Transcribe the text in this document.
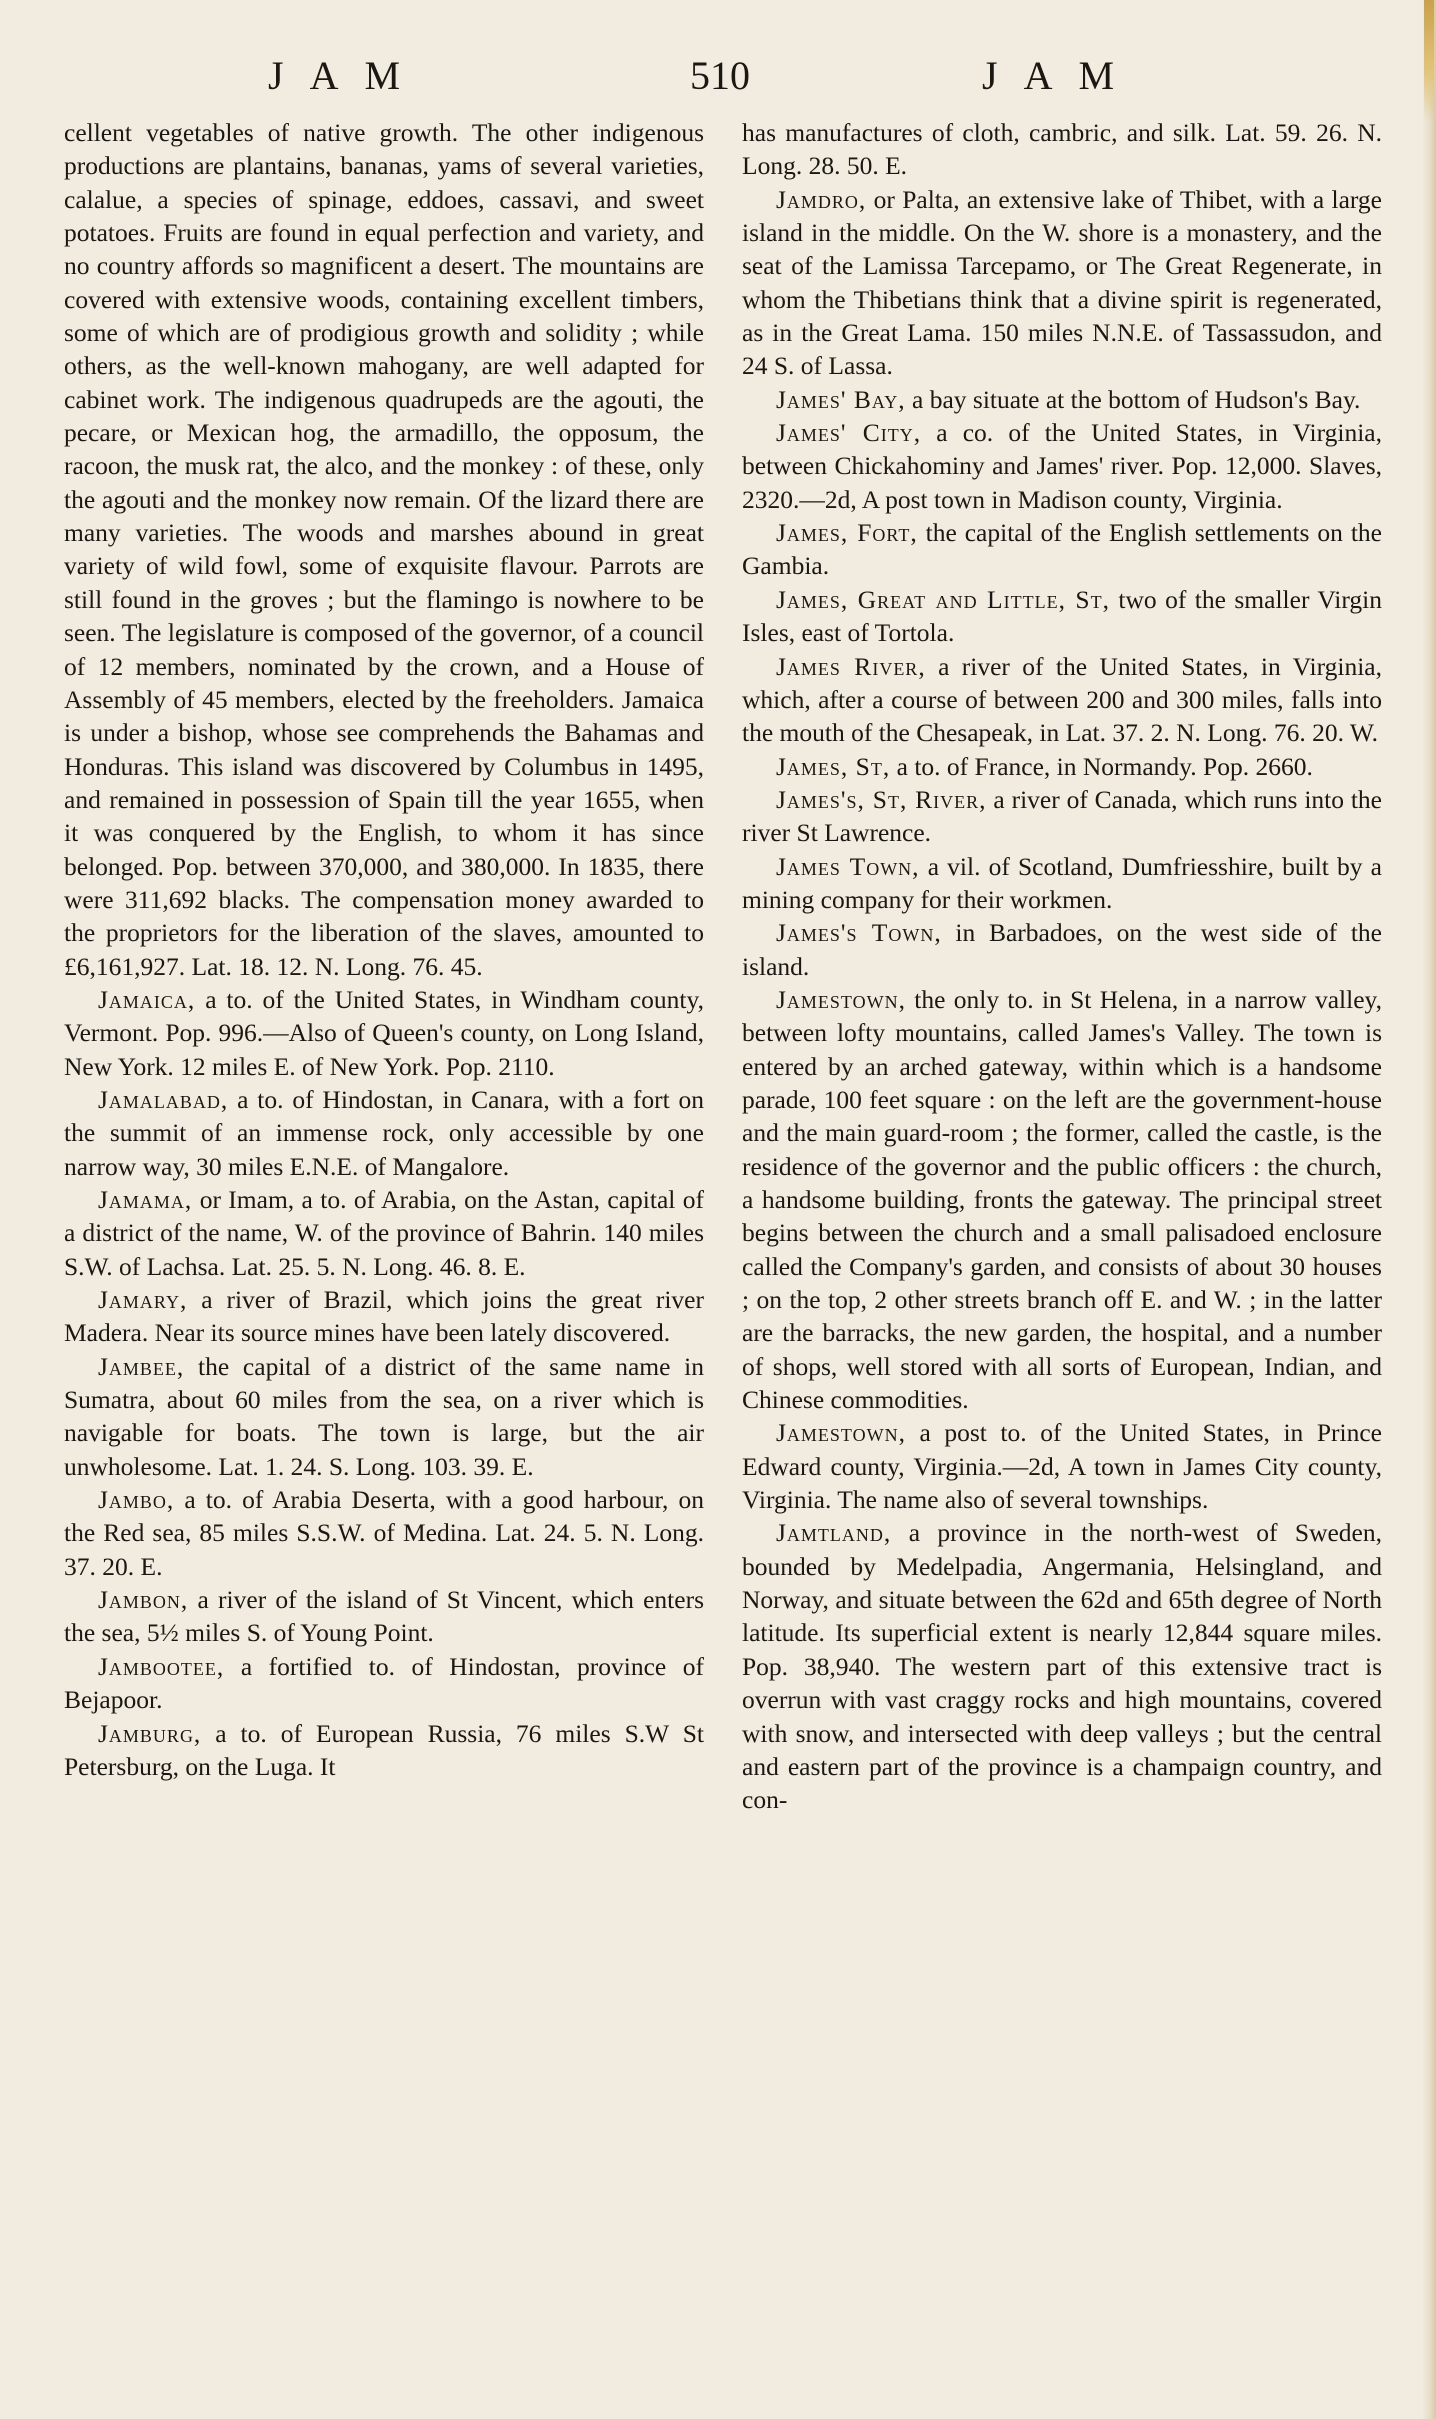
JAM	510	JAM

cellent vegetables of native growth. The other indigenous productions are plantains, bananas, yams of several varieties, calalue, a species of spinage, eddoes, cassavi, and sweet potatoes. Fruits are found in equal perfection and variety, and no country affords so magnificent a desert. The mountains are covered with extensive woods, containing excellent timbers, some of which are of prodigious growth and solidity ; while others, as the well-known mahogany, are well adapted for cabinet work. The indigenous quadrupeds are the agouti, the pecare, or Mexican hog, the armadillo, the opposum, the racoon, the musk rat, the alco, and the monkey : of these, only the agouti and the monkey now remain. Of the lizard there are many varieties. The woods and marshes abound in great variety of wild fowl, some of exquisite flavour. Parrots are still found in the groves ; but the flamingo is nowhere to be seen. The legislature is composed of the governor, of a council of 12 members, nominated by the crown, and a House of Assembly of 45 members, elected by the freeholders. Jamaica is under a bishop, whose see comprehends the Bahamas and Honduras. This island was discovered by Columbus in 1495, and remained in possession of Spain till the year 1655, when it was conquered by the English, to whom it has since belonged. Pop. between 370,000, and 380,000. In 1835, there were 311,692 blacks. The compensation money awarded to the proprietors for the liberation of the slaves, amounted to £6,161,927. Lat. 18. 12. N. Long. 76. 45.

Jamaica, a to. of the United States, in Windham county, Vermont. Pop. 996.—Also of Queen's county, on Long Island, New York. 12 miles E. of New York. Pop. 2110.

Jamalabad, a to. of Hindostan, in Canara, with a fort on the summit of an immense rock, only accessible by one narrow way, 30 miles E.N.E. of Mangalore.

Jamama, or Imam, a to. of Arabia, on the Astan, capital of a district of the name, W. of the province of Bahrin. 140 miles S.W. of Lachsa. Lat. 25. 5. N. Long. 46. 8. E.

Jamary, a river of Brazil, which joins the great river Madera. Near its source mines have been lately discovered.

Jambee, the capital of a district of the same name in Sumatra, about 60 miles from the sea, on a river which is navigable for boats. The town is large, but the air unwholesome. Lat. 1. 24. S. Long. 103. 39. E.

Jambo, a to. of Arabia Deserta, with a good harbour, on the Red sea, 85 miles S.S.W. of Medina. Lat. 24. 5. N. Long. 37. 20. E.

Jambon, a river of the island of St Vincent, which enters the sea, 5½ miles S. of Young Point.

Jambootee, a fortified to. of Hindostan, province of Bejapoor.

Jamburg, a to. of European Russia, 76 miles S.W St Petersburg, on the Luga. It

has manufactures of cloth, cambric, and silk. Lat. 59. 26. N. Long. 28. 50. E.

Jamdro, or Palta, an extensive lake of Thibet, with a large island in the middle. On the W. shore is a monastery, and the seat of the Lamissa Tarcepamo, or The Great Regenerate, in whom the Thibetians think that a divine spirit is regenerated, as in the Great Lama. 150 miles N.N.E. of Tassassudon, and 24 S. of Lassa.

James' Bay, a bay situate at the bottom of Hudson's Bay.

James' City, a co. of the United States, in Virginia, between Chickahominy and James' river. Pop. 12,000. Slaves, 2320.—2d, A post town in Madison county, Virginia.

James, Fort, the capital of the English settlements on the Gambia.

James, Great and Little, St, two of the smaller Virgin Isles, east of Tortola.

James River, a river of the United States, in Virginia, which, after a course of between 200 and 300 miles, falls into the mouth of the Chesapeak, in Lat. 37. 2. N. Long. 76. 20. W.

James, St, a to. of France, in Normandy. Pop. 2660.

James's, St, River, a river of Canada, which runs into the river St Lawrence.

James Town, a vil. of Scotland, Dumfriesshire, built by a mining company for their workmen.

James's Town, in Barbadoes, on the west side of the island.

Jamestown, the only to. in St Helena, in a narrow valley, between lofty mountains, called James's Valley. The town is entered by an arched gateway, within which is a handsome parade, 100 feet square : on the left are the government-house and the main guard-room ; the former, called the castle, is the residence of the governor and the public officers : the church, a handsome building, fronts the gateway. The principal street begins between the church and a small palisadoed enclosure called the Company's garden, and consists of about 30 houses ; on the top, 2 other streets branch off E. and W. ; in the latter are the barracks, the new garden, the hospital, and a number of shops, well stored with all sorts of European, Indian, and Chinese commodities.

Jamestown, a post to. of the United States, in Prince Edward county, Virginia.—2d, A town in James City county, Virginia. The name also of several townships.

Jamtland, a province in the north-west of Sweden, bounded by Medelpadia, Angermania, Helsingland, and Norway, and situate between the 62d and 65th degree of North latitude. Its superficial extent is nearly 12,844 square miles. Pop. 38,940. The western part of this extensive tract is overrun with vast craggy rocks and high mountains, covered with snow, and intersected with deep valleys ; but the central and eastern part of the province is a champaign country, and con-
